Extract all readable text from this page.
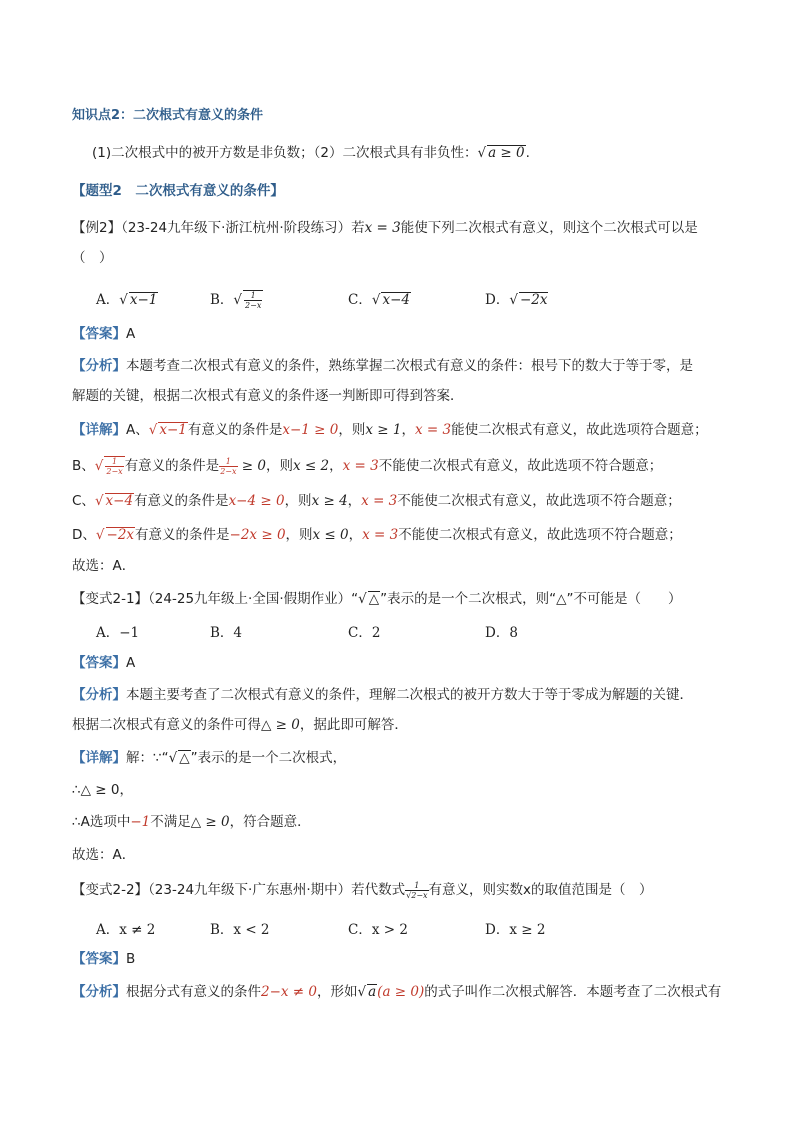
知识点2：二次根式有意义的条件
(1)二次根式中的被开方数是非负数；（2）二次根式具有非负性：√ a ≥ 0.
【题型2　二次根式有意义的条件】
【例2】（23-24九年级下·浙江杭州·阶段练习）若x = 3能使下列二次根式有意义，则这个二次根式可以是
（　）
A．√ x−1	B．√ $\frac{1}{2-x}$	C．√ x−4	D．√ −2x
【答案】A
【分析】本题考查二次根式有意义的条件，熟练掌握二次根式有意义的条件：根号下的数大于等于零，是
解题的关键，根据二次根式有意义的条件逐一判断即可得到答案．
【详解】A、√ x−1有意义的条件是x−1 ≥ 0，则x ≥ 1，x = 3能使二次根式有意义，故此选项符合题意；
B、√ $\frac{1}{2-x}$ 有意义的条件是 $\frac{1}{2-x} \ge 0$，则x ≤ 2，x = 3不能使二次根式有意义，故此选项不符合题意；
C、√ x−4有意义的条件是x−4 ≥ 0，则x ≥ 4，x = 3不能使二次根式有意义，故此选项不符合题意；
D、√ −2x有意义的条件是−2x ≥ 0，则x ≤ 0，x = 3不能使二次根式有意义，故此选项不符合题意；
故选：A．
【变式2-1】（24-25九年级上·全国·假期作业）“√ △”表示的是一个二次根式，则“△”不可能是（　　）
A．−1	B．4	C．2	D．8
【答案】A
【分析】本题主要考查了二次根式有意义的条件，理解二次根式的被开方数大于等于零成为解题的关键．
根据二次根式有意义的条件可得△ ≥ 0，据此即可解答．
【详解】解：∵“√ △”表示的是一个二次根式，
∴△ ≥ 0，
∴A选项中−1不满足△ ≥ 0，符合题意．
故选：A．
【变式2-2】（23-24九年级下·广东惠州·期中）若代数式 $\frac{1}{√2-x}$ 有意义，则实数x的取值范围是（　）
A．x ≠ 2	B．x < 2	C．x > 2	D．x ≥ 2
【答案】B
【分析】根据分式有意义的条件2−x ≠ 0，形如√ a(a ≥ 0)的式子叫作二次根式解答．本题考查了二次根式有
